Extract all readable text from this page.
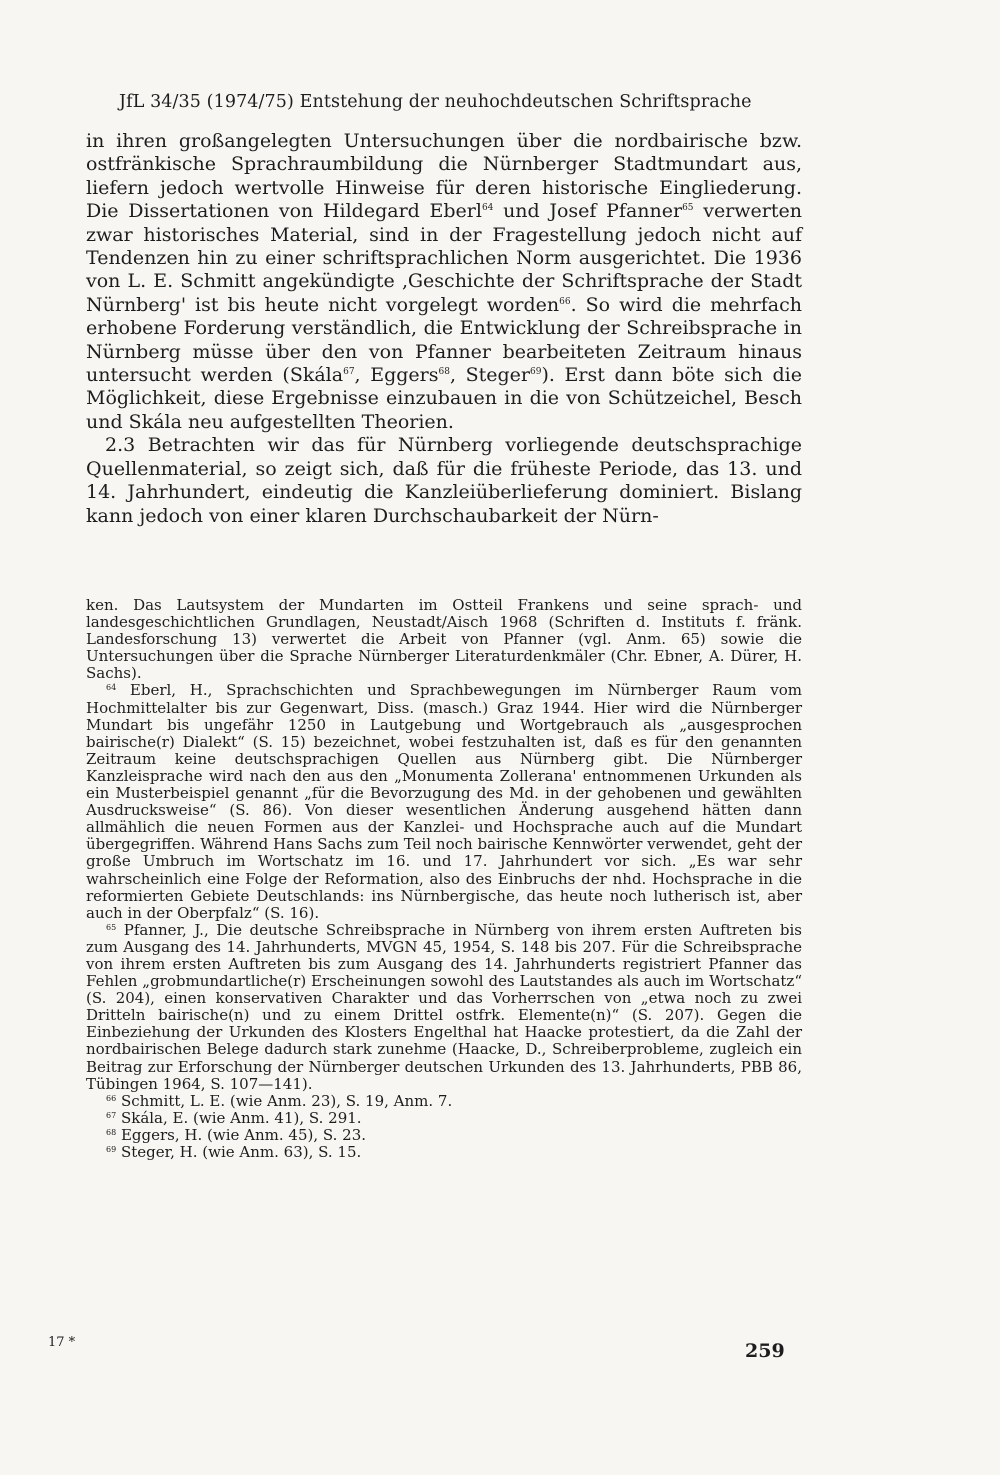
JfL 34/35 (1974/75) Entstehung der neuhochdeutschen Schriftsprache

in ihren großangelegten Untersuchungen über die nordbairische bzw. ostfränkische Sprachraumbildung die Nürnberger Stadtmundart aus, liefern jedoch wertvolle Hinweise für deren historische Eingliederung. Die Dissertationen von Hildegard Eberl$^{64}$ und Josef Pfanner$^{65}$ verwerten zwar historisches Material, sind in der Fragestellung jedoch nicht auf Tendenzen hin zu einer schriftsprachlichen Norm ausgerichtet. Die 1936 von L. E. Schmitt angekündigte ‚Geschichte der Schriftsprache der Stadt Nürnberg' ist bis heute nicht vorgelegt worden$^{66}$. So wird die mehrfach erhobene Forderung verständlich, die Entwicklung der Schreibsprache in Nürnberg müsse über den von Pfanner bearbeiteten Zeitraum hinaus untersucht werden (Skála$^{67}$, Eggers$^{68}$, Steger$^{69}$). Erst dann böte sich die Möglichkeit, diese Ergebnisse einzubauen in die von Schützeichel, Besch und Skála neu aufgestellten Theorien.

2.3 Betrachten wir das für Nürnberg vorliegende deutschsprachige Quellenmaterial, so zeigt sich, daß für die früheste Periode, das 13. und 14. Jahrhundert, eindeutig die Kanzleiüberlieferung dominiert. Bislang kann jedoch von einer klaren Durchschaubarkeit der Nürn-

ken. Das Lautsystem der Mundarten im Ostteil Frankens und seine sprach- und landesgeschichtlichen Grundlagen, Neustadt/Aisch 1968 (Schriften d. Instituts f. fränk. Landesforschung 13) verwertet die Arbeit von Pfanner (vgl. Anm. 65) sowie die Untersuchungen über die Sprache Nürnberger Literaturdenkmäler (Chr. Ebner, A. Dürer, H. Sachs).

$^{64}$ Eberl, H., Sprachschichten und Sprachbewegungen im Nürnberger Raum vom Hochmittelalter bis zur Gegenwart, Diss. (masch.) Graz 1944. Hier wird die Nürnberger Mundart bis ungefähr 1250 in Lautgebung und Wortgebrauch als „ausgesprochen bairische(r) Dialekt“ (S. 15) bezeichnet, wobei festzuhalten ist, daß es für den genannten Zeitraum keine deutschsprachigen Quellen aus Nürnberg gibt. Die Nürnberger Kanzleisprache wird nach den aus den „Monumenta Zollerana' entnommenen Urkunden als ein Musterbeispiel genannt „für die Bevorzugung des Md. in der gehobenen und gewählten Ausdrucksweise“ (S. 86). Von dieser wesentlichen Änderung ausgehend hätten dann allmählich die neuen Formen aus der Kanzlei- und Hochsprache auch auf die Mundart übergegriffen. Während Hans Sachs zum Teil noch bairische Kennwörter verwendet, geht der große Umbruch im Wortschatz im 16. und 17. Jahrhundert vor sich. „Es war sehr wahrscheinlich eine Folge der Reformation, also des Einbruchs der nhd. Hochsprache in die reformierten Gebiete Deutschlands: ins Nürnbergische, das heute noch lutherisch ist, aber auch in der Oberpfalz“ (S. 16).

$^{65}$ Pfanner, J., Die deutsche Schreibsprache in Nürnberg von ihrem ersten Auftreten bis zum Ausgang des 14. Jahrhunderts, MVGN 45, 1954, S. 148 bis 207. Für die Schreibsprache von ihrem ersten Auftreten bis zum Ausgang des 14. Jahrhunderts registriert Pfanner das Fehlen „grobmundartliche(r) Erscheinungen sowohl des Lautstandes als auch im Wortschatz“ (S. 204), einen konservativen Charakter und das Vorherrschen von „etwa noch zu zwei Dritteln bairische(n) und zu einem Drittel ostfrk. Elemente(n)“ (S. 207). Gegen die Einbeziehung der Urkunden des Klosters Engelthal hat Haacke protestiert, da die Zahl der nordbairischen Belege dadurch stark zunehme (Haacke, D., Schreiberprobleme, zugleich ein Beitrag zur Erforschung der Nürnberger deutschen Urkunden des 13. Jahrhunderts, PBB 86, Tübingen 1964, S. 107—141).

$^{66}$ Schmitt, L. E. (wie Anm. 23), S. 19, Anm. 7.

$^{67}$ Skála, E. (wie Anm. 41), S. 291.

$^{68}$ Eggers, H. (wie Anm. 45), S. 23.

$^{69}$ Steger, H. (wie Anm. 63), S. 15.

17 *	259
